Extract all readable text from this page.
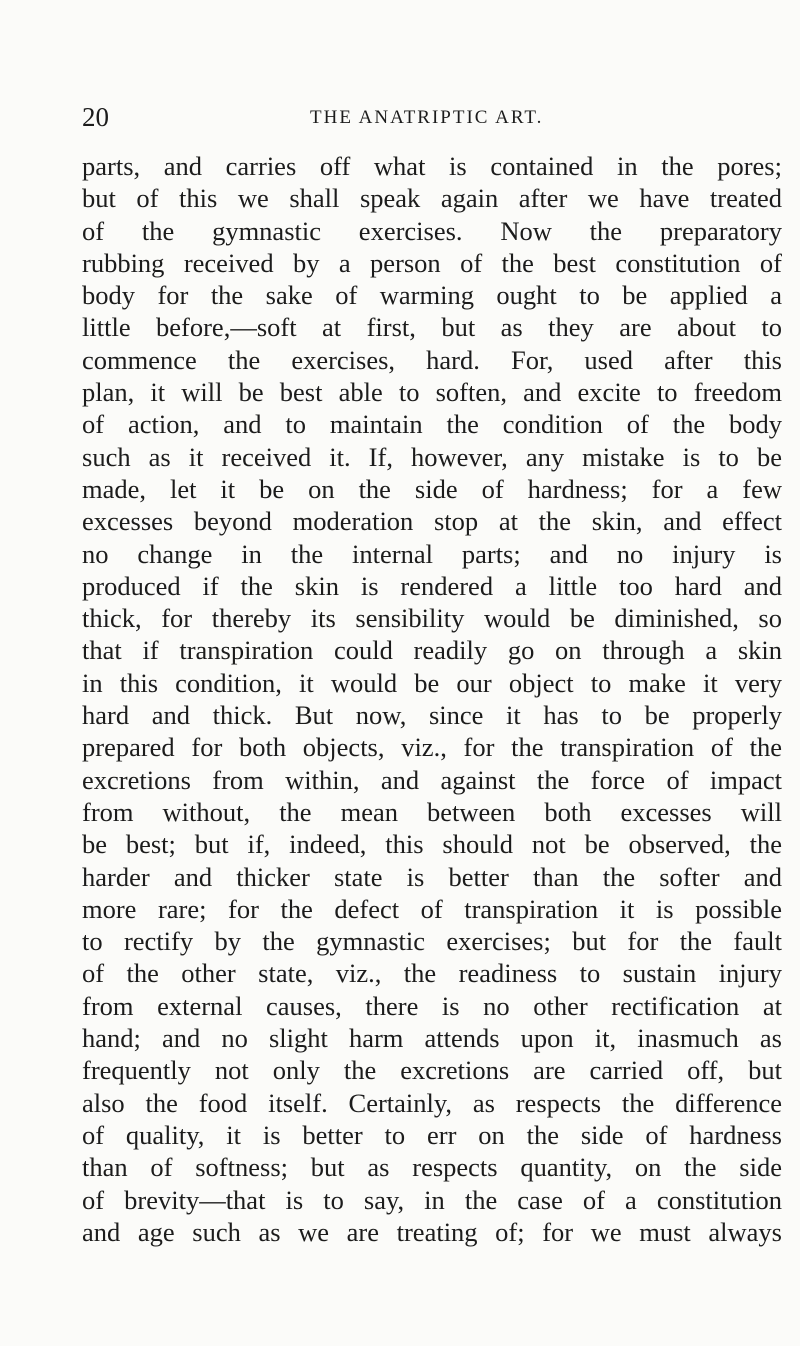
20	THE ANATRIPTIC ART.
parts, and carries off what is contained in the pores;
but of this we shall speak again after we have treated
of the gymnastic exercises. Now the preparatory
rubbing received by a person of the best constitution of
body for the sake of warming ought to be applied a
little before,—soft at first, but as they are about to
commence the exercises, hard. For, used after this
plan, it will be best able to soften, and excite to freedom
of action, and to maintain the condition of the body
such as it received it. If, however, any mistake is to be
made, let it be on the side of hardness; for a few
excesses beyond moderation stop at the skin, and effect
no change in the internal parts; and no injury is
produced if the skin is rendered a little too hard and
thick, for thereby its sensibility would be diminished, so
that if transpiration could readily go on through a skin
in this condition, it would be our object to make it very
hard and thick. But now, since it has to be properly
prepared for both objects, viz., for the transpiration of the
excretions from within, and against the force of impact
from without, the mean between both excesses will
be best; but if, indeed, this should not be observed, the
harder and thicker state is better than the softer and
more rare; for the defect of transpiration it is possible
to rectify by the gymnastic exercises; but for the fault
of the other state, viz., the readiness to sustain injury
from external causes, there is no other rectification at
hand; and no slight harm attends upon it, inasmuch as
frequently not only the excretions are carried off, but
also the food itself. Certainly, as respects the difference
of quality, it is better to err on the side of hardness
than of softness; but as respects quantity, on the side
of brevity—that is to say, in the case of a constitution
and age such as we are treating of; for we must always
